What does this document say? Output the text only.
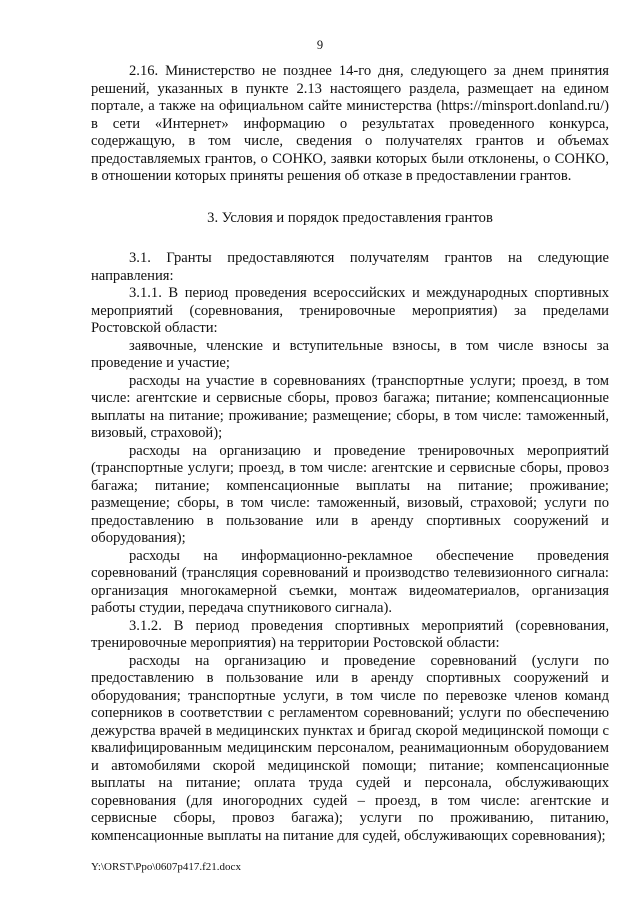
9

2.16. Министерство не позднее 14-го дня, следующего за днем принятия решений, указанных в пункте 2.13 настоящего раздела, размещает на едином портале, а также на официальном сайте министерства (https://minsport.donland.ru/) в сети «Интернет» информацию о результатах проведенного конкурса, содержащую, в том числе, сведения о получателях грантов и объемах предоставляемых грантов, о СОНКО, заявки которых были отклонены, о СОНКО, в отношении которых приняты решения об отказе в предоставлении грантов.

3. Условия и порядок предоставления грантов

3.1. Гранты предоставляются получателям грантов на следующие направления:

3.1.1. В период проведения всероссийских и международных спортивных мероприятий (соревнования, тренировочные мероприятия) за пределами Ростовской области:

заявочные, членские и вступительные взносы, в том числе взносы за проведение и участие;

расходы на участие в соревнованиях (транспортные услуги; проезд, в том числе: агентские и сервисные сборы, провоз багажа; питание; компенсационные выплаты на питание; проживание; размещение; сборы, в том числе: таможенный, визовый, страховой);

расходы на организацию и проведение тренировочных мероприятий (транспортные услуги; проезд, в том числе: агентские и сервисные сборы, провоз багажа; питание; компенсационные выплаты на питание; проживание; размещение; сборы, в том числе: таможенный, визовый, страховой; услуги по предоставлению в пользование или в аренду спортивных сооружений и оборудования);

расходы на информационно-рекламное обеспечение проведения соревнований (трансляция соревнований и производство телевизионного сигнала: организация многокамерной съемки, монтаж видеоматериалов, организация работы студии, передача спутникового сигнала).

3.1.2. В период проведения спортивных мероприятий (соревнования, тренировочные мероприятия) на территории Ростовской области:

расходы на организацию и проведение соревнований (услуги по предоставлению в пользование или в аренду спортивных сооружений и оборудования; транспортные услуги, в том числе по перевозке членов команд соперников в соответствии с регламентом соревнований; услуги по обеспечению дежурства врачей в медицинских пунктах и бригад скорой медицинской помощи с квалифицированным медицинским персоналом, реанимационным оборудованием и автомобилями скорой медицинской помощи; питание; компенсационные выплаты на питание; оплата труда судей и персонала, обслуживающих соревнования (для иногородних судей – проезд, в том числе: агентские и сервисные сборы, провоз багажа); услуги по проживанию, питанию, компенсационные выплаты на питание для судей, обслуживающих соревнования);

Y:\ORST\Ppo\0607p417.f21.docx
